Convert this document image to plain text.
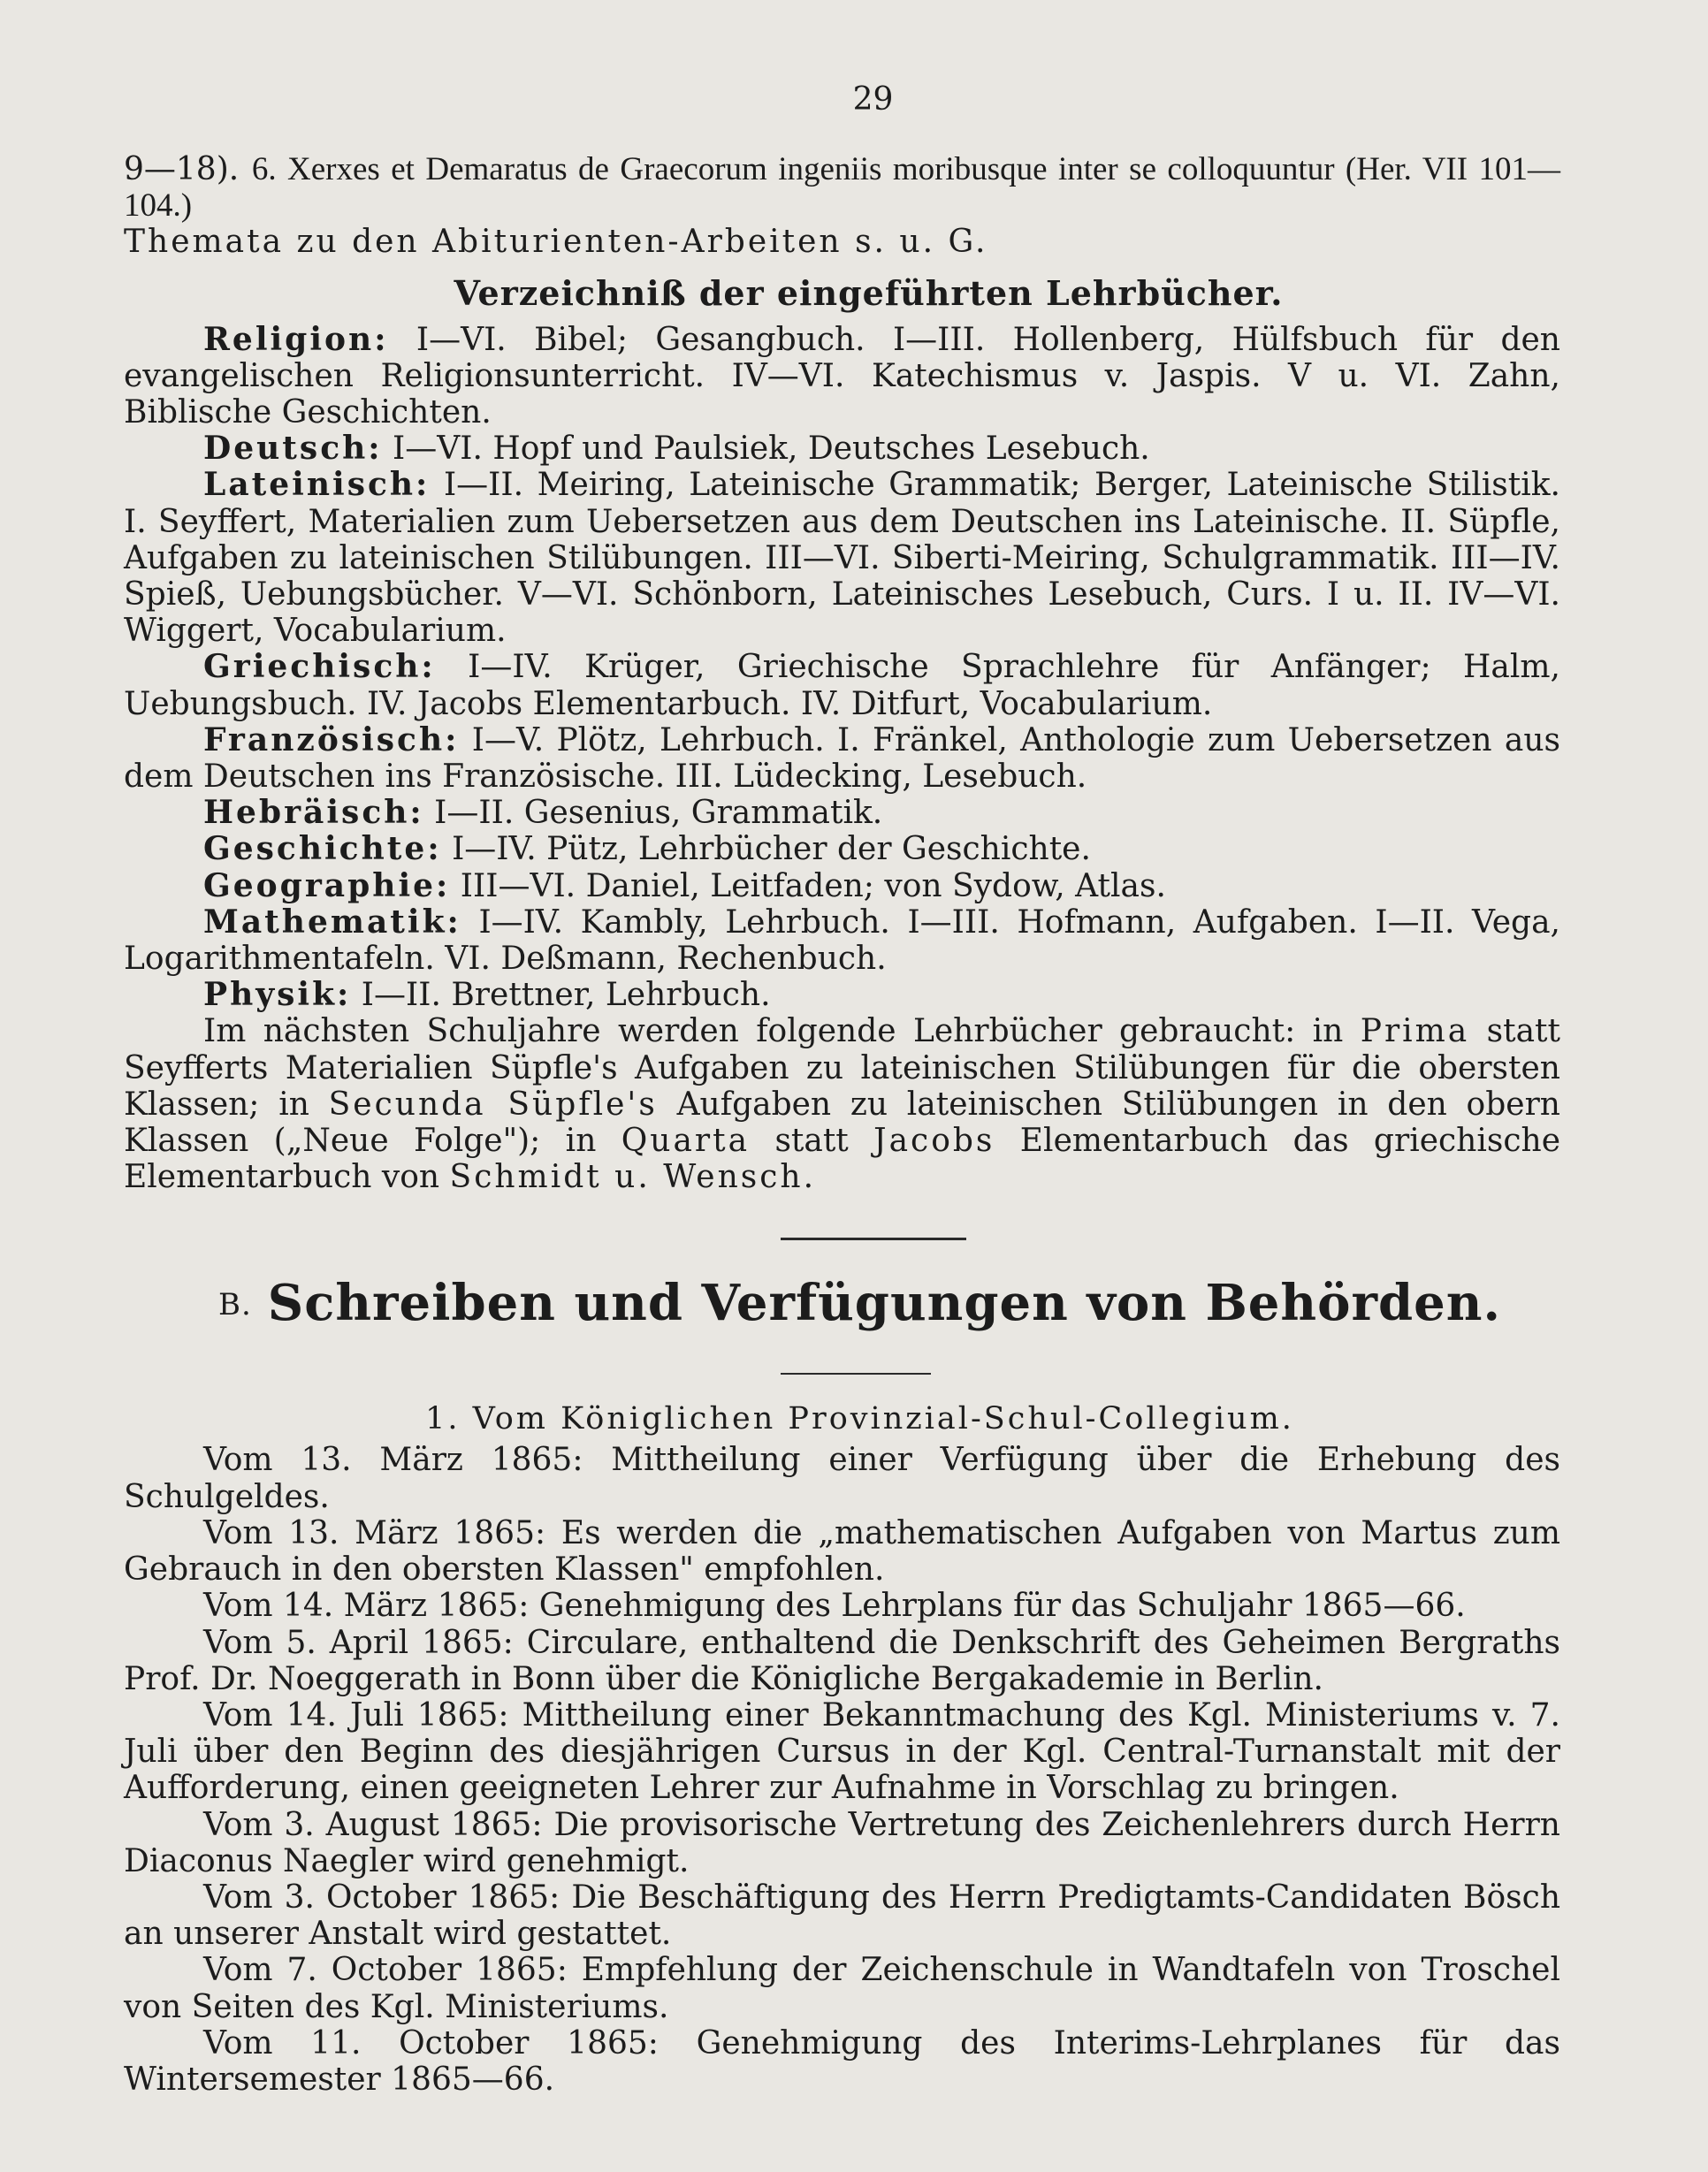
29

9—18). 6. Xerxes et Demaratus de Graecorum ingeniis moribusque inter se colloquuntur (Her. VII 101—104.)

Themata zu den Abiturienten-Arbeiten s. u. G.

Verzeichniß der eingeführten Lehrbücher.

Religion: I—VI. Bibel; Gesangbuch. I—III. Hollenberg, Hülfsbuch für den evangelischen Religionsunterricht. IV—VI. Katechismus v. Jaspis. V u. VI. Zahn, Biblische Geschichten.

Deutsch: I—VI. Hopf und Paulsiek, Deutsches Lesebuch.

Lateinisch: I—II. Meiring, Lateinische Grammatik; Berger, Lateinische Stilistik. I. Seyffert, Materialien zum Uebersetzen aus dem Deutschen ins Lateinische. II. Süpfle, Aufgaben zu lateinischen Stilübungen. III—VI. Siberti-Meiring, Schulgrammatik. III—IV. Spieß, Uebungsbücher. V—VI. Schönborn, Lateinisches Lesebuch, Curs. I u. II. IV—VI. Wiggert, Vocabularium.

Griechisch: I—IV. Krüger, Griechische Sprachlehre für Anfänger; Halm, Uebungsbuch. IV. Jacobs Elementarbuch. IV. Ditfurt, Vocabularium.

Französisch: I—V. Plötz, Lehrbuch. I. Fränkel, Anthologie zum Uebersetzen aus dem Deutschen ins Französische. III. Lüdecking, Lesebuch.

Hebräisch: I—II. Gesenius, Grammatik.

Geschichte: I—IV. Pütz, Lehrbücher der Geschichte.

Geographie: III—VI. Daniel, Leitfaden; von Sydow, Atlas.

Mathematik: I—IV. Kambly, Lehrbuch. I—III. Hofmann, Aufgaben. I—II. Vega, Logarithmentafeln. VI. Deßmann, Rechenbuch.

Physik: I—II. Brettner, Lehrbuch.

Im nächsten Schuljahre werden folgende Lehrbücher gebraucht: in Prima statt Seyfferts Materialien Süpfle's Aufgaben zu lateinischen Stilübungen für die obersten Klassen; in Secunda Süpfle's Aufgaben zu lateinischen Stilübungen in den obern Klassen („Neue Folge"); in Quarta statt Jacobs Elementarbuch das griechische Elementarbuch von Schmidt u. Wensch.

B. Schreiben und Verfügungen von Behörden.
1. Vom Königlichen Provinzial-Schul-Collegium.

Vom 13. März 1865: Mittheilung einer Verfügung über die Erhebung des Schulgeldes.

Vom 13. März 1865: Es werden die „mathematischen Aufgaben von Martus zum Gebrauch in den obersten Klassen" empfohlen.

Vom 14. März 1865: Genehmigung des Lehrplans für das Schuljahr 1865—66.

Vom 5. April 1865: Circulare, enthaltend die Denkschrift des Geheimen Bergraths Prof. Dr. Noeggerath in Bonn über die Königliche Bergakademie in Berlin.

Vom 14. Juli 1865: Mittheilung einer Bekanntmachung des Kgl. Ministeriums v. 7. Juli über den Beginn des diesjährigen Cursus in der Kgl. Central-Turnanstalt mit der Aufforderung, einen geeigneten Lehrer zur Aufnahme in Vorschlag zu bringen.

Vom 3. August 1865: Die provisorische Vertretung des Zeichenlehrers durch Herrn Diaconus Naegler wird genehmigt.

Vom 3. October 1865: Die Beschäftigung des Herrn Predigtamts-Candidaten Bösch an unserer Anstalt wird gestattet.

Vom 7. October 1865: Empfehlung der Zeichenschule in Wandtafeln von Troschel von Seiten des Kgl. Ministeriums.

Vom 11. October 1865: Genehmigung des Interims-Lehrplanes für das Wintersemester 1865—66.
